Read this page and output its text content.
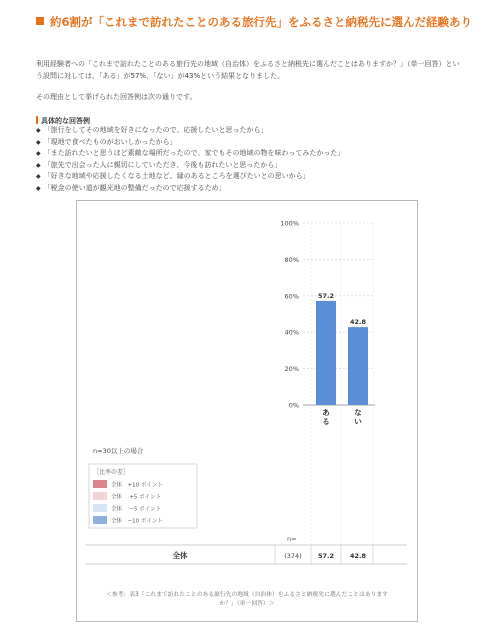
約6割が「これまで訪れたことのある旅行先」をふるさと納税先に選んだ経験あり
利用経験者への「これまで訪れたことのある旅行先の地域（自治体）をふるさと納税先に選んだことはありますか？」（単一回答）という設問に対しては、「ある」が57%、「ない」が43%という結果となりました。
その理由として挙げられた回答例は次の通りです。
具体的な回答例
◆ 「旅行をしてその地域を好きになったので、応援したいと思ったから」
◆ 「現地で食べたものがおいしかったから」
◆ 「また訪れたいと思うほど素敵な場所だったので、家でもその地域の物を味わってみたかった」
◆ 「旅先で出会った人に親切にしていただき、今後も訪れたいと思ったから」
◆ 「好きな地域や応援したくなる土地など、縁のあるところを選びたいとの思いから」
◆ 「税金の使い道が観光地の整備だったので応援するため」
0%
20%
40%
60%
80%
100%
57.2
あ
る
42.8
な
い
n=30以上の場合
［比率の差］
全体　+10 ポイント
全体　 +5 ポイント
全体　 −5 ポイント
全体　−10 ポイント
n=
全体	(374) 57.2 42.8
＜参考：表3「これまで訪れたことのある旅行先の地域（自治体）をふるさと納税先に選んだことはありますか？」（単一回答）＞
